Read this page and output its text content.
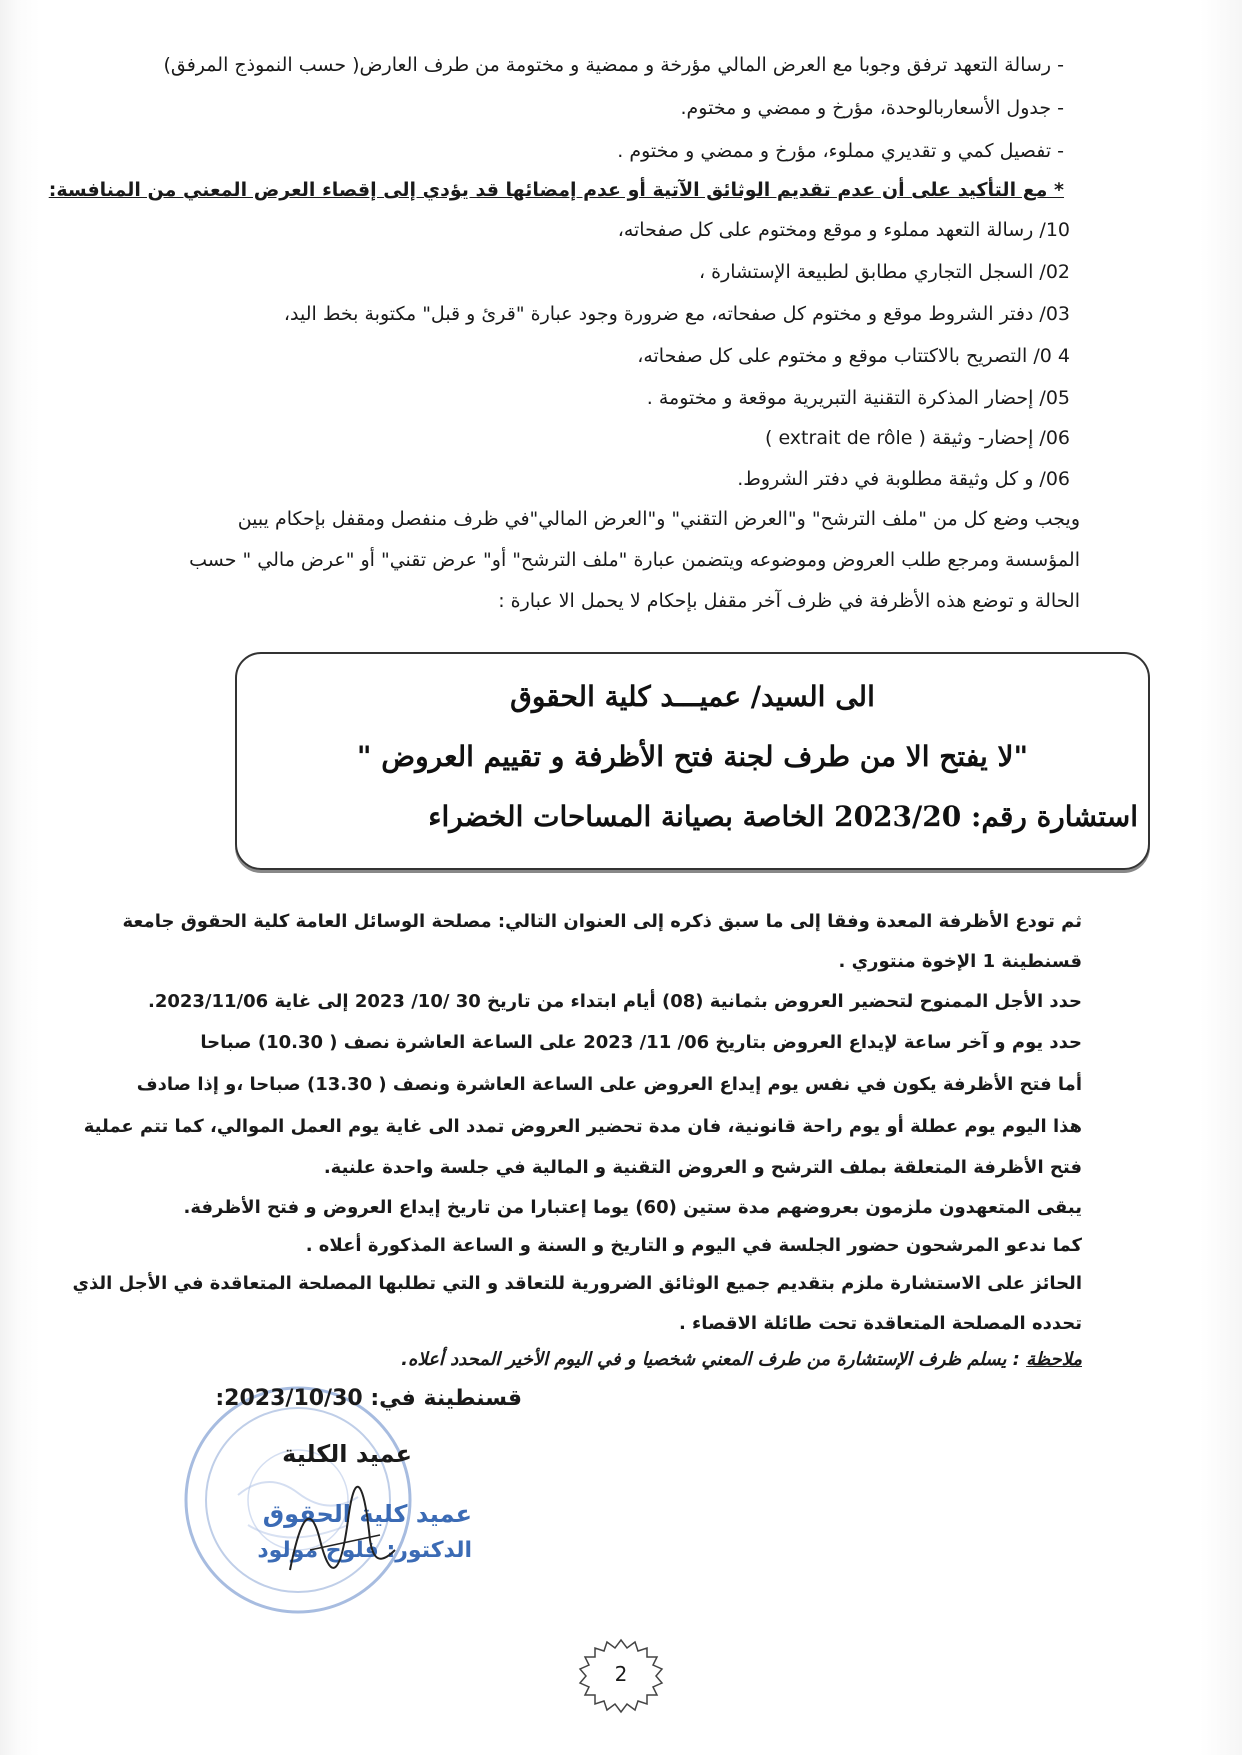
- رسالة التعهد ترفق وجوبا مع العرض المالي مؤرخة و ممضية و مختومة من طرف العارض( حسب النموذج المرفق)
- جدول الأسعاربالوحدة، مؤرخ و ممضي و مختوم.
- تفصيل كمي و تقديري مملوء، مؤرخ و ممضي و مختوم .
* مع التأكيد على أن عدم تقديم الوثائق الآتية أو عدم إمضائها قد يؤدي إلى إقصاء العرض المعني من المنافسة:
10/ رسالة التعهد مملوء و موقع ومختوم على كل صفحاته،
02/ السجل التجاري مطابق لطبيعة الإستشارة ،
03/ دفتر الشروط موقع و مختوم كل صفحاته، مع ضرورة وجود عبارة "قرئ و قبل" مكتوبة بخط اليد،
4 0/ التصريح بالاكتتاب موقع و مختوم على كل صفحاته،
05/ إحضار المذكرة التقنية التبريرية موقعة و مختومة .
06/ إحضار- وثيقة ( extrait de rôle )
06/ و كل وثيقة مطلوبة في دفتر الشروط.
ويجب وضع كل من "ملف الترشح" و"العرض التقني" و"العرض المالي"في ظرف منفصل ومقفل بإحكام يبين
المؤسسة ومرجع طلب العروض وموضوعه ويتضمن عبارة "ملف الترشح" أو" عرض تقني" أو "عرض مالي " حسب
الحالة و توضع هذه الأظرفة في ظرف آخر مقفل بإحكام لا يحمل الا عبارة :
الى السيد/ عميـــد كلية الحقوق
"لا يفتح الا من طرف لجنة فتح الأظرفة و تقييم العروض "
استشارة رقم: 2023/20 الخاصة بصيانة المساحات الخضراء
ثم تودع الأظرفة المعدة وفقا إلى ما سبق ذكره إلى العنوان التالي: مصلحة الوسائل العامة كلية الحقوق جامعة
قسنطينة 1 الإخوة منتوري .
حدد الأجل الممنوح لتحضير العروض بثمانية (08) أيام ابتداء من تاريخ 30 /10/ 2023 إلى غاية 2023/11/06.
حدد يوم و آخر ساعة لإيداع العروض بتاريخ 06/ 11/ 2023 على الساعة العاشرة نصف ( 10.30) صباحا
أما فتح الأظرفة يكون في نفس يوم إيداع العروض على الساعة العاشرة ونصف ( 13.30) صباحا ،و إذا صادف
هذا اليوم يوم عطلة أو يوم راحة قانونية، فان مدة تحضير العروض تمدد الى غاية يوم العمل الموالي، كما تتم عملية
فتح الأظرفة المتعلقة بملف الترشح و العروض التقنية و المالية في جلسة واحدة علنية.
يبقى المتعهدون ملزمون بعروضهم مدة ستين (60) يوما إعتبارا من تاريخ إيداع العروض و فتح الأظرفة.
كما ندعو المرشحون حضور الجلسة في اليوم و التاريخ و السنة و الساعة المذكورة أعلاه .
الحائز على الاستشارة ملزم بتقديم جميع الوثائق الضرورية للتعاقد و التي تطلبها المصلحة المتعاقدة في الأجل الذي
تحدده المصلحة المتعاقدة تحت طائلة الاقصاء .
ملاحظة : يسلم ظرف الإستشارة من طرف المعني شخصيا و في اليوم الأخير المحدد أعلاه.
قسنطينة في: 2023/10/30:
عميد الكلية
عميد كلية الحقوق
الدكتور: فلوح مولود
2
